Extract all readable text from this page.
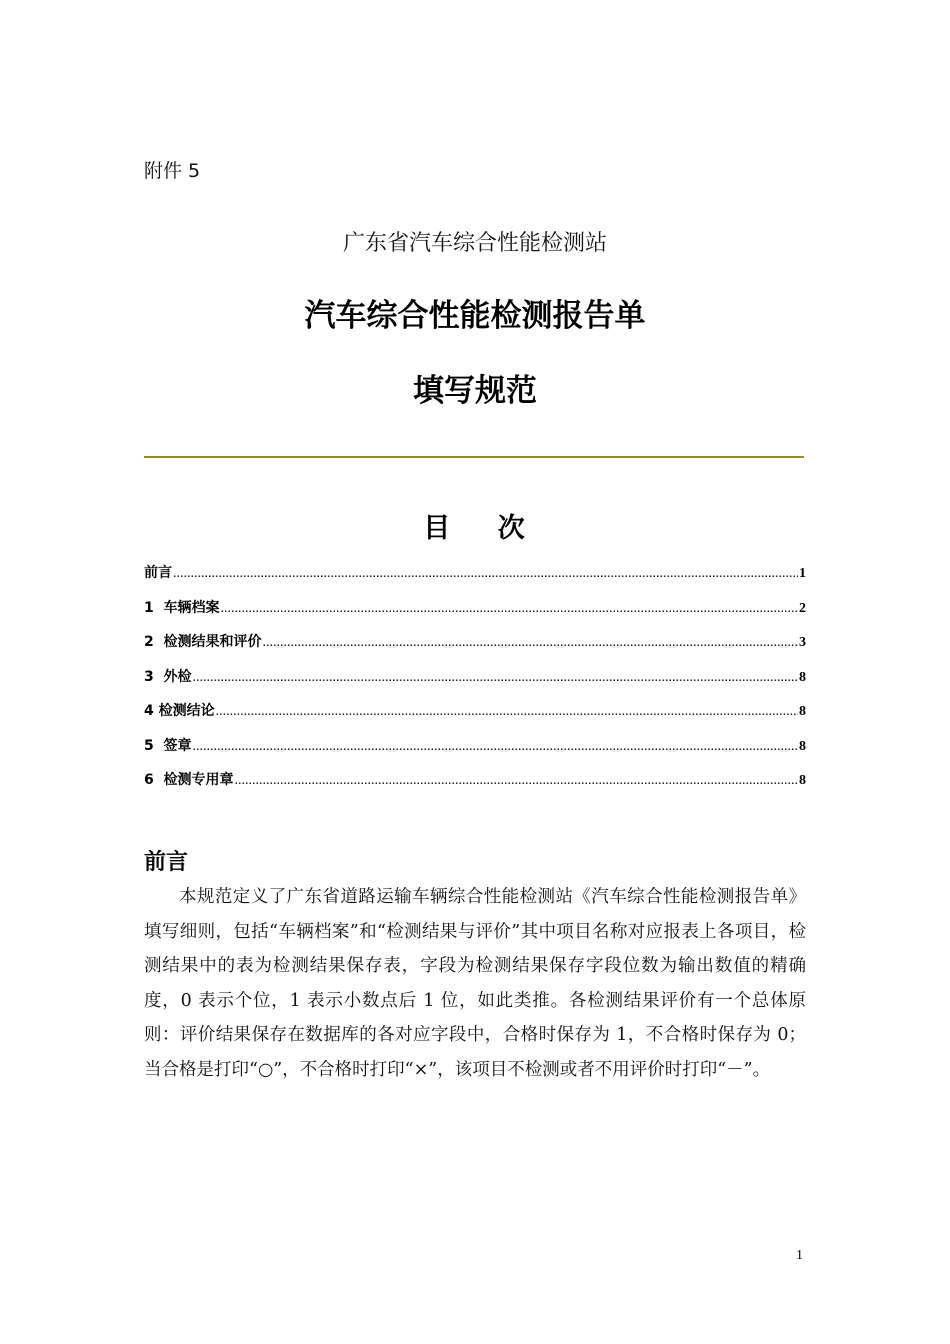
附件 5
广东省汽车综合性能检测站
汽车综合性能检测报告单
填写规范
目    次
前言 .....	1
1  车辆档案 .....	2
2  检测结果和评价 .....	3
3  外检 .....	8
4 检测结论 .....	8
5  签章 .....	8
6  检测专用章 .....	8
前言

本规范定义了广东省道路运输车辆综合性能检测站《汽车综合性能检测报告单》填写细则，包括“车辆档案”和“检测结果与评价”其中项目名称对应报表上各项目，检测结果中的表为检测结果保存表，字段为检测结果保存字段位数为输出数值的精确度，0 表示个位，1 表示小数点后 1 位，如此类推。各检测结果评价有一个总体原则：评价结果保存在数据库的各对应字段中，合格时保存为 1，不合格时保存为 0；当合格是打印“○”，不合格时打印“×”，该项目不检测或者不用评价时打印“－”。

1
